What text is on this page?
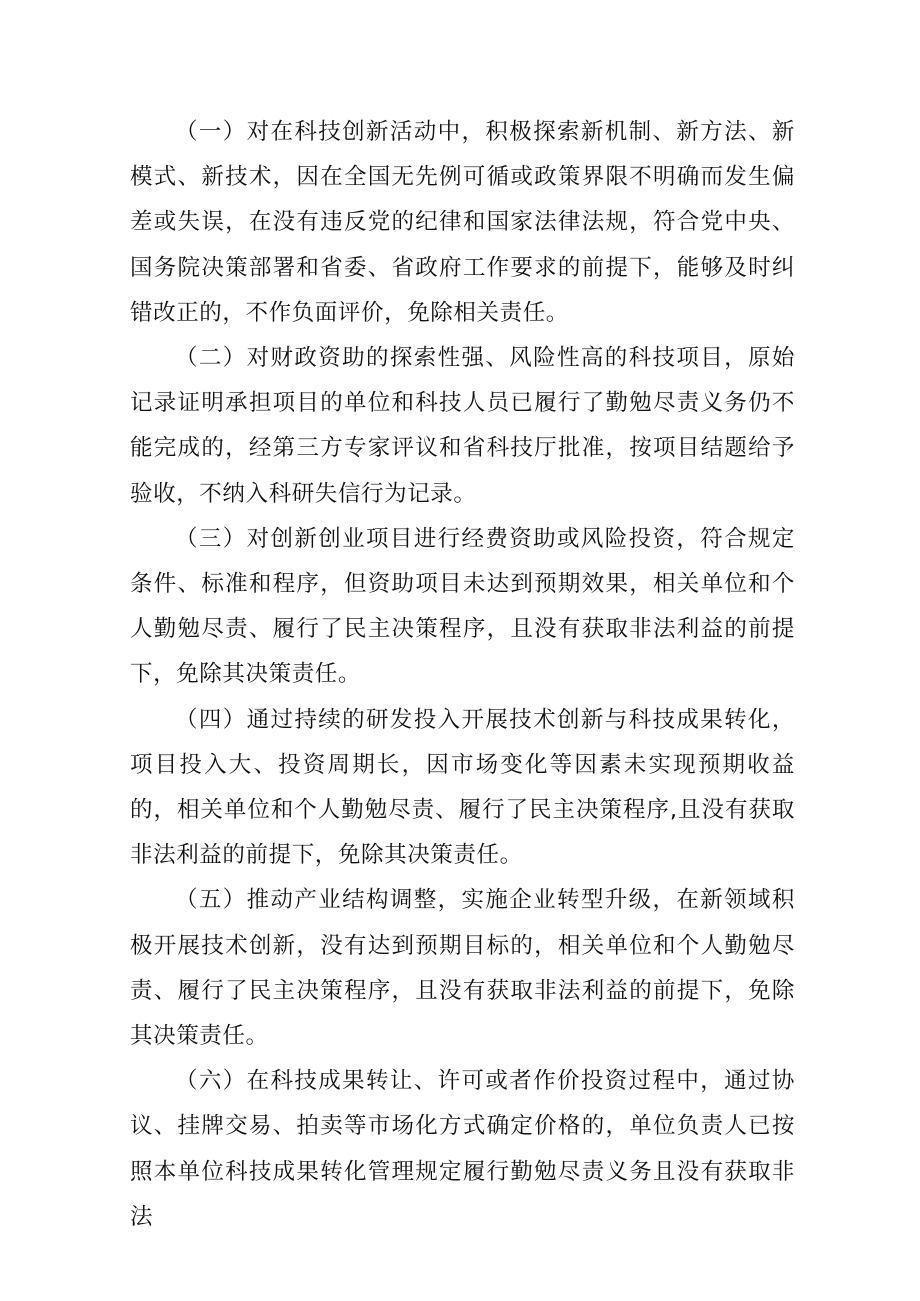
（一）对在科技创新活动中，积极探索新机制、新方法、新模式、新技术，因在全国无先例可循或政策界限不明确而发生偏差或失误，在没有违反党的纪律和国家法律法规，符合党中央、国务院决策部署和省委、省政府工作要求的前提下，能够及时纠错改正的，不作负面评价，免除相关责任。

（二）对财政资助的探索性强、风险性高的科技项目，原始记录证明承担项目的单位和科技人员已履行了勤勉尽责义务仍不能完成的，经第三方专家评议和省科技厅批准，按项目结题给予验收，不纳入科研失信行为记录。

（三）对创新创业项目进行经费资助或风险投资，符合规定条件、标准和程序，但资助项目未达到预期效果，相关单位和个人勤勉尽责、履行了民主决策程序，且没有获取非法利益的前提下，免除其决策责任。

（四）通过持续的研发投入开展技术创新与科技成果转化，项目投入大、投资周期长，因市场变化等因素未实现预期收益的，相关单位和个人勤勉尽责、履行了民主决策程序,且没有获取非法利益的前提下，免除其决策责任。

（五）推动产业结构调整，实施企业转型升级，在新领域积极开展技术创新，没有达到预期目标的，相关单位和个人勤勉尽责、履行了民主决策程序，且没有获取非法利益的前提下，免除其决策责任。

（六）在科技成果转让、许可或者作价投资过程中，通过协议、挂牌交易、拍卖等市场化方式确定价格的，单位负责人已按照本单位科技成果转化管理规定履行勤勉尽责义务且没有获取非法
